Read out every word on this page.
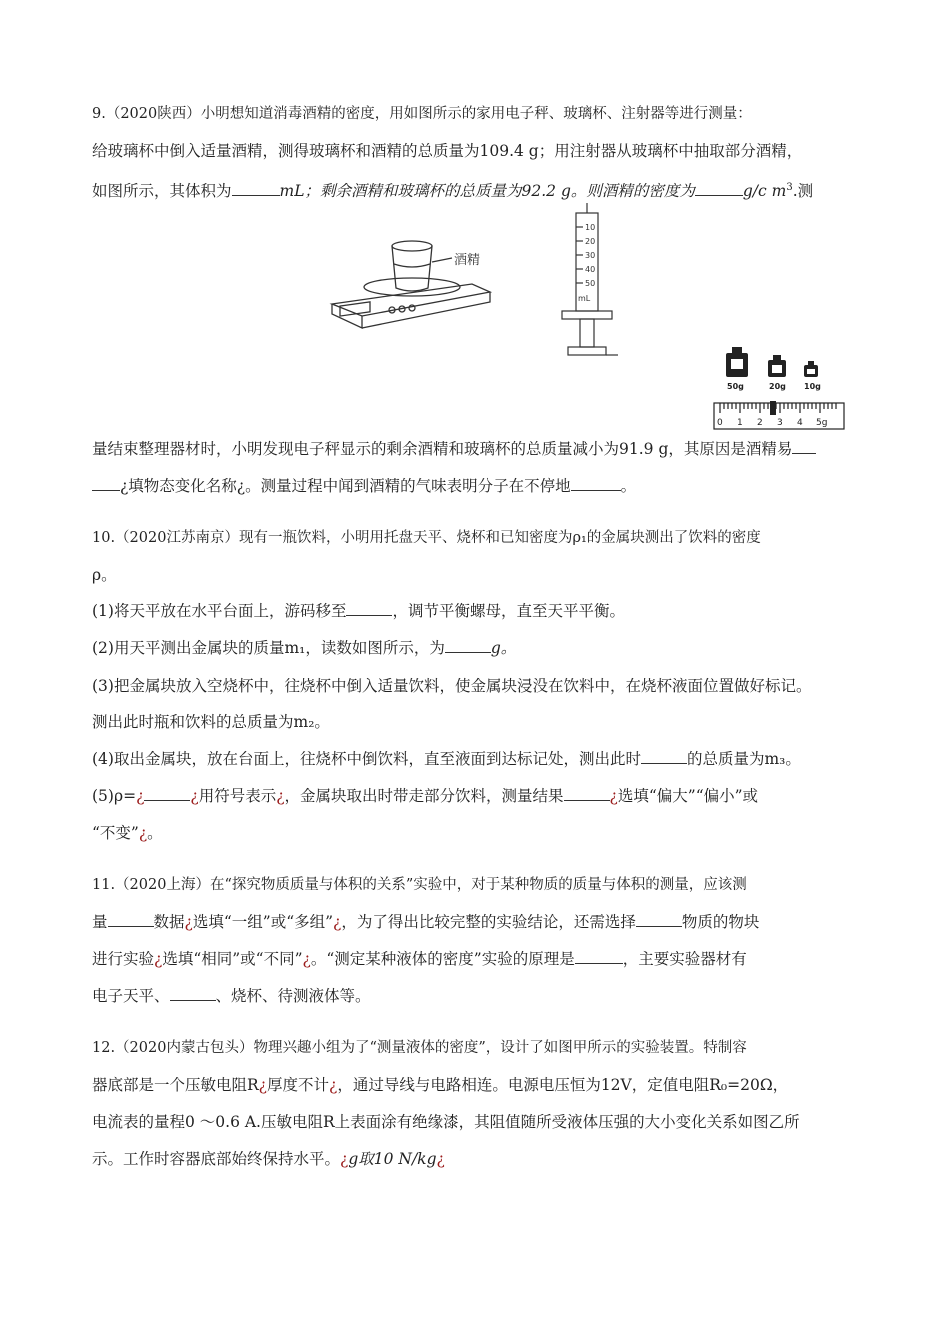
9.（2020陕西）小明想知道消毒酒精的密度，用如图所示的家用电子秤、玻璃杯、注射器等进行测量：
给玻璃杯中倒入适量酒精，测得玻璃杯和酒精的总质量为109.4 g；用注射器从玻璃杯中抽取部分酒精，
如图所示，其体积为	mL；剩余酒精和玻璃杯的总质量为92.2 g。则酒精的密度为	g/c $m^3$.测
酒精
10
20
30
40
50
mL
50g	20g 10g
0 1 2 3 4 5g
量结束整理器材时，小明发现电子秤显示的剩余酒精和玻璃杯的总质量减小为91.9 g，其原因是酒精易
¿填物态变化名称¿。测量过程中闻到酒精的气味表明分子在不停地	。
10.（2020江苏南京）现有一瓶饮料，小明用托盘天平、烧杯和已知密度为ρ₁的金属块测出了饮料的密度
ρ。
(1)将天平放在水平台面上，游码移至	，调节平衡螺母，直至天平平衡。
(2)用天平测出金属块的质量m₁，读数如图所示，为	g。
(3)把金属块放入空烧杯中，往烧杯中倒入适量饮料，使金属块浸没在饮料中，在烧杯液面位置做好标记。
测出此时瓶和饮料的总质量为m₂。
(4)取出金属块，放在台面上，往烧杯中倒饮料，直至液面到达标记处，测出此时	的总质量为m₃。
(5)ρ=¿	¿用符号表示¿，金属块取出时带走部分饮料，测量结果	¿选填“偏大”“偏小”或
“不变”¿。
11.（2020上海）在“探究物质质量与体积的关系”实验中，对于某种物质的质量与体积的测量，应该测
量	数据¿选填“一组”或“多组”¿，为了得出比较完整的实验结论，还需选择	物质的物块
进行实验¿选填“相同”或“不同”¿。“测定某种液体的密度”实验的原理是	，主要实验器材有
电子天平、	、烧杯、待测液体等。
12.（2020内蒙古包头）物理兴趣小组为了“测量液体的密度”，设计了如图甲所示的实验装置。特制容
器底部是一个压敏电阻R¿厚度不计¿，通过导线与电路相连。电源电压恒为12V，定值电阻R₀=20Ω，
电流表的量程0 ～0.6 A.压敏电阻R上表面涂有绝缘漆，其阻值随所受液体压强的大小变化关系如图乙所
示。工作时容器底部始终保持水平。¿g取10 N/kg¿
